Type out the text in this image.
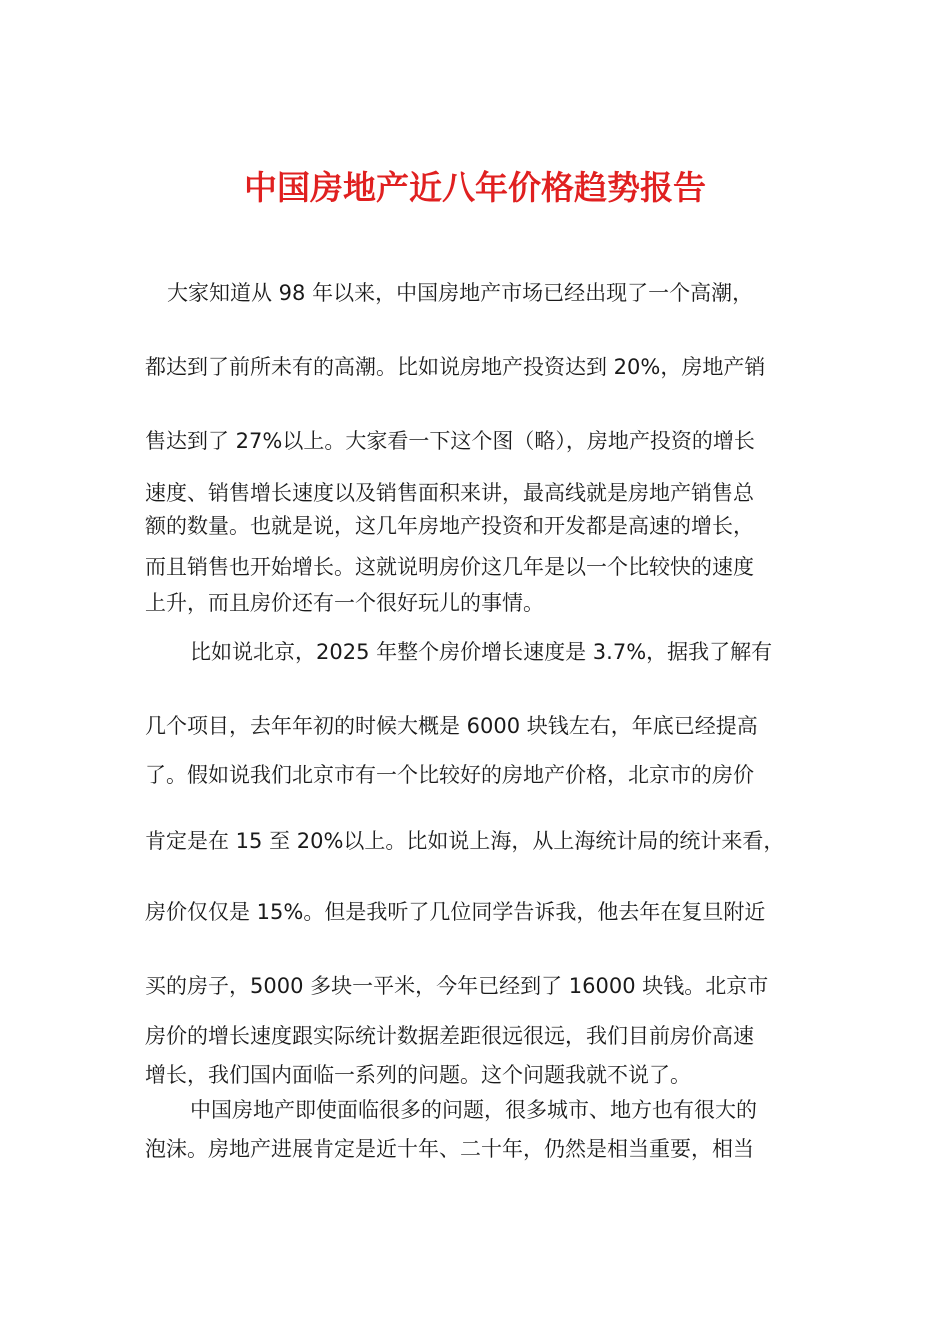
中国房地产近八年价格趋势报告
大家知道从 98 年以来，中国房地产市场已经出现了一个高潮，
都达到了前所未有的高潮。比如说房地产投资达到 20%，房地产销
售达到了 27%以上。大家看一下这个图（略），房地产投资的增长
速度、销售增长速度以及销售面积来讲，最高线就是房地产销售总
额的数量。也就是说，这几年房地产投资和开发都是高速的增长，
而且销售也开始增长。这就说明房价这几年是以一个比较快的速度
上升，而且房价还有一个很好玩儿的事情。
比如说北京，2025 年整个房价增长速度是 3.7%，据我了解有
几个项目，去年年初的时候大概是 6000 块钱左右，年底已经提高
了。假如说我们北京市有一个比较好的房地产价格，北京市的房价
肯定是在 15 至 20%以上。比如说上海，从上海统计局的统计来看，
房价仅仅是 15%。但是我听了几位同学告诉我，他去年在复旦附近
买的房子，5000 多块一平米，今年已经到了 16000 块钱。北京市
房价的增长速度跟实际统计数据差距很远很远，我们目前房价高速
增长，我们国内面临一系列的问题。这个问题我就不说了。
中国房地产即使面临很多的问题，很多城市、地方也有很大的
泡沫。房地产进展肯定是近十年、二十年，仍然是相当重要，相当
